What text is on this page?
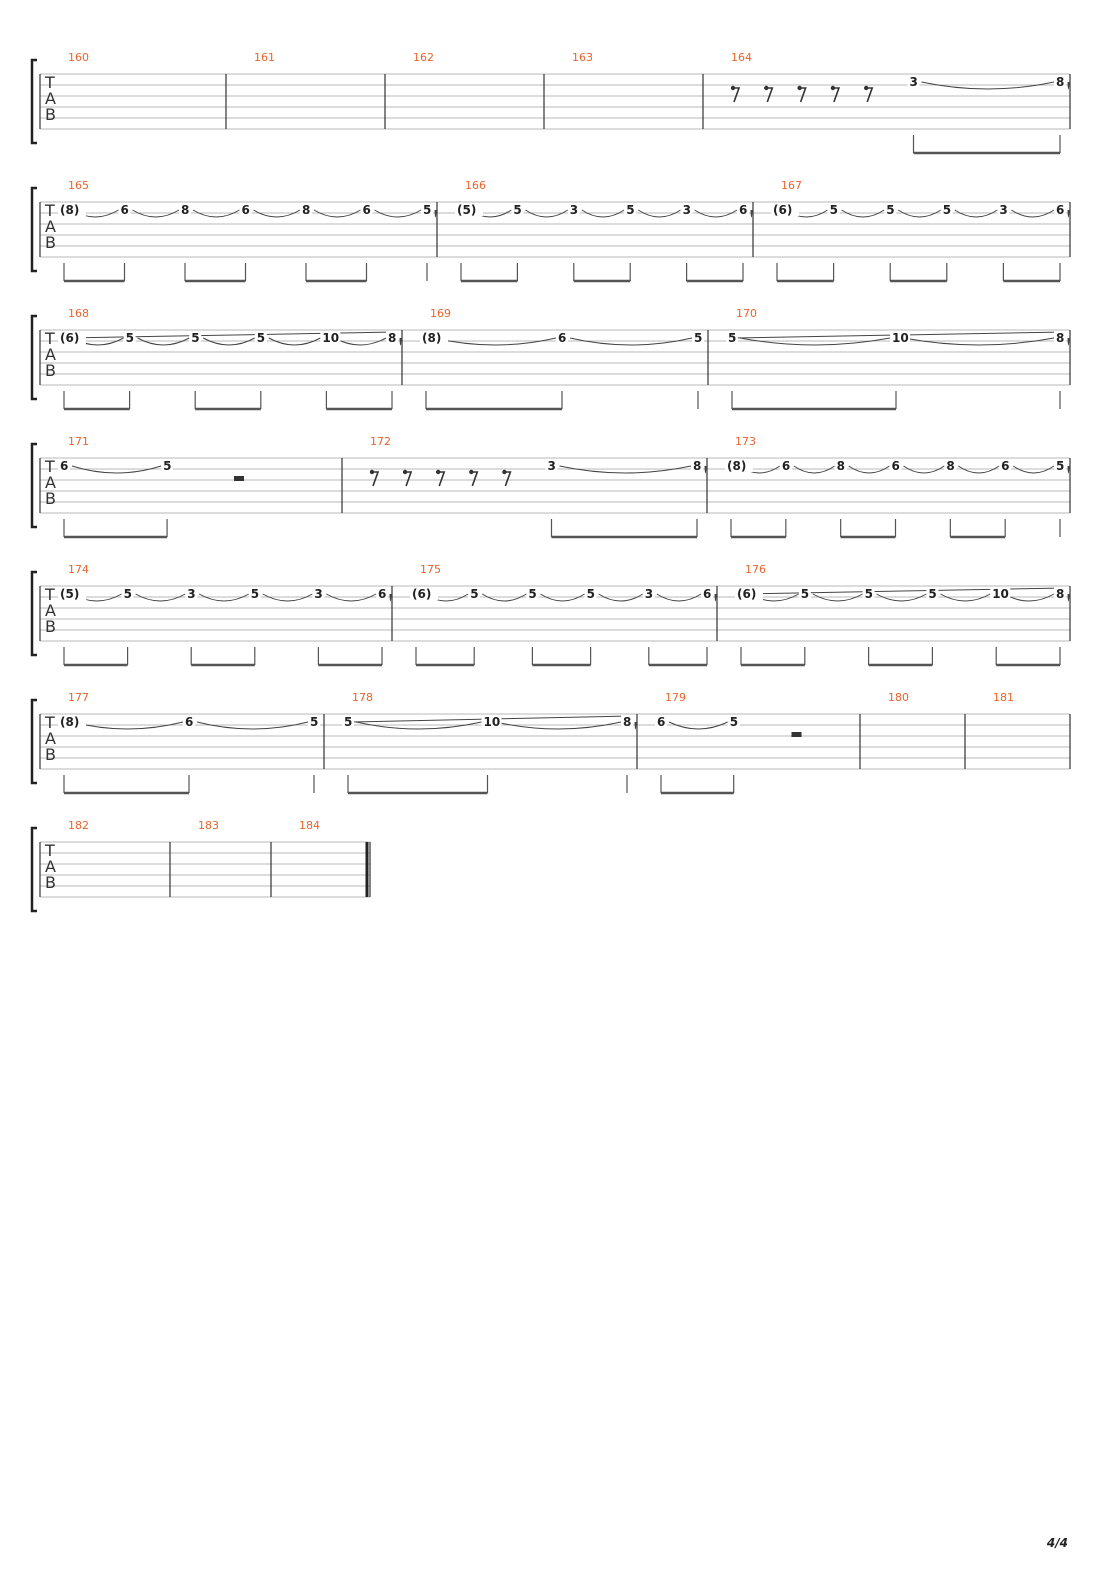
T
A
B
160	161	162	163	164
3	8
T
A
B
165
(8)	6	8	6	8	6	5
166
(5)	5	3	5	3	6
167
(6)	5	5	5	3	6
T
A
B
168
(6)	5	5	5	10	8
169
(8)	6	5
170
5	10	8
T
A
B
171
6	5
172
3	8
173
(8)	6	8	6	8	6	5
T
A
B
174
(5)	5	3	5	3	6
175
(6)	5	5	5	3	6
176
(6)	5	5	5	10	8
T
A
B
177
(8)	6	5
178
5	10	8
179
6	5
180	181
T
A
B
182	183	184
4/4
